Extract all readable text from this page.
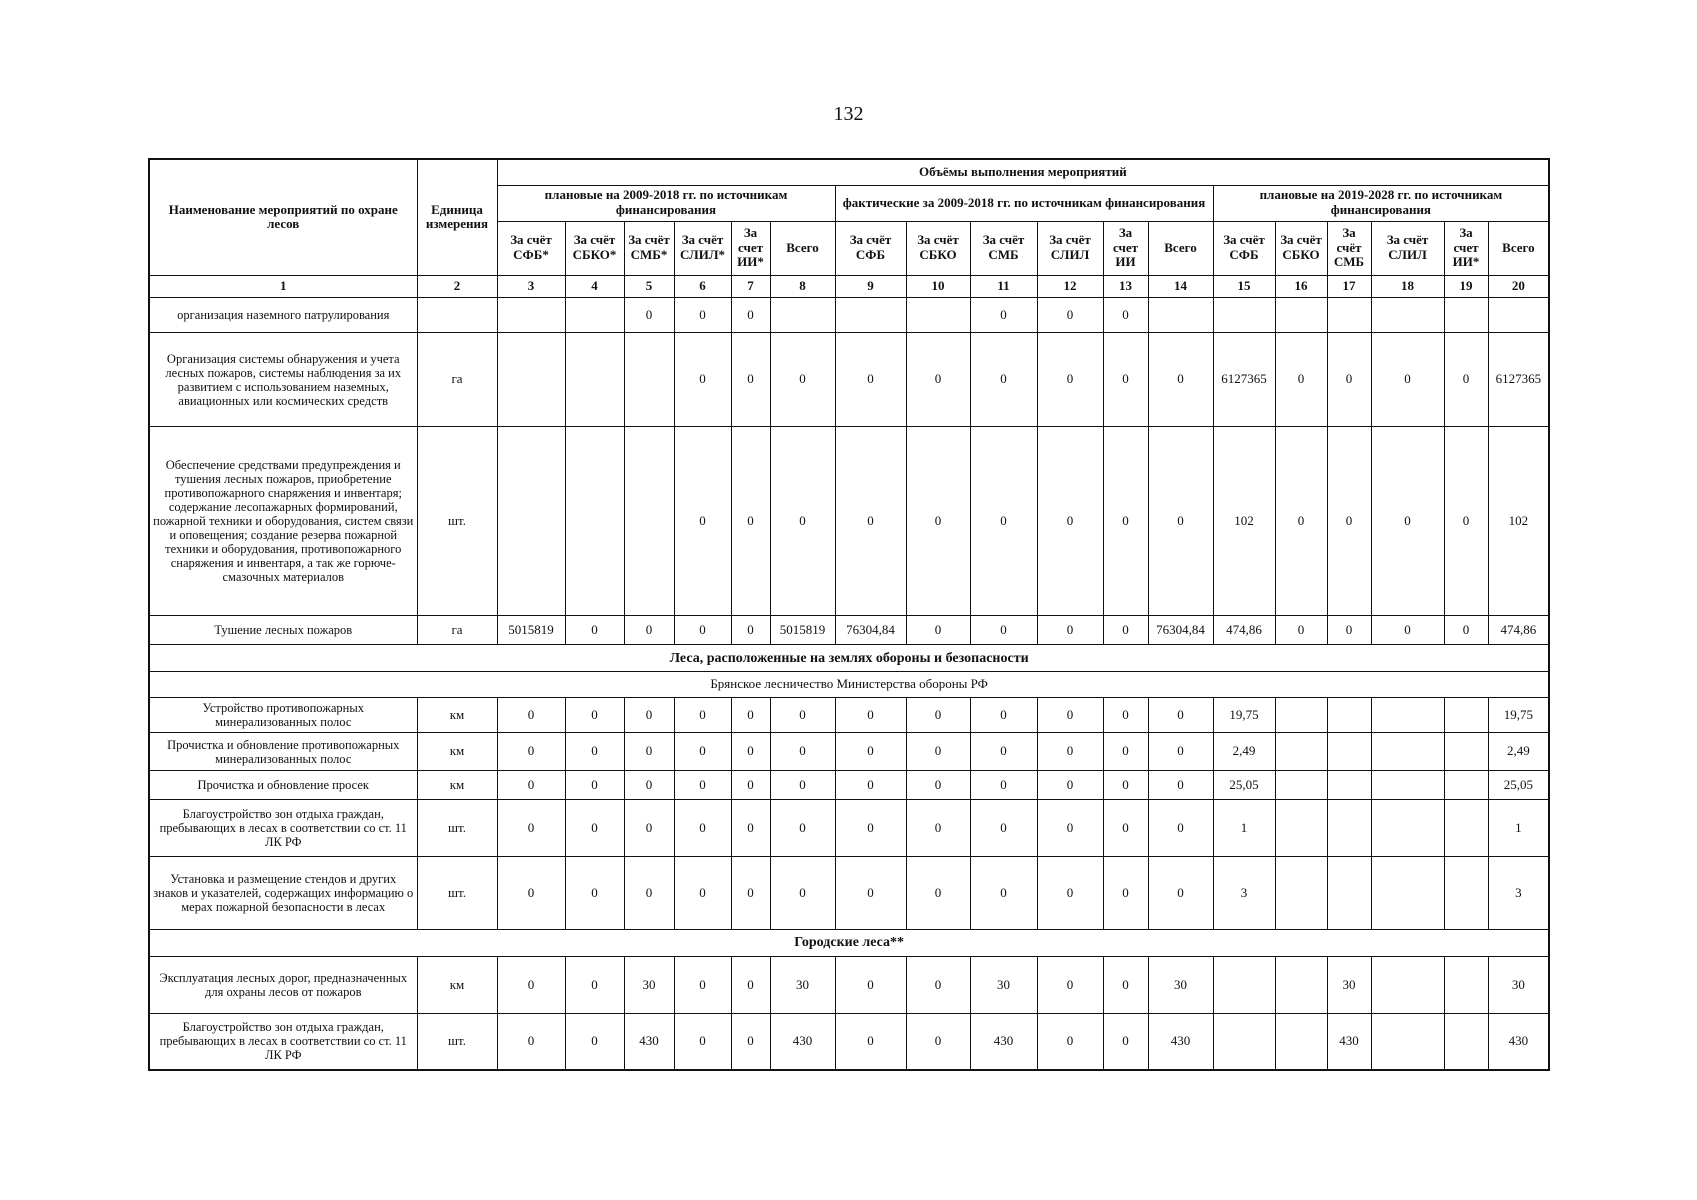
132
Наименование мероприятий по охране лесов	Единица измерения	Объёмы выполнения мероприятий																	
		плановые на 2009-2018 гг. по источникам финансирования						фактические за 2009-2018 гг. по источникам финансирования						плановые на 2019-2028 гг. по источникам финансирования					
		За счёт СФБ*	За счёт СБКО*	За счёт СМБ*	За счёт СЛИЛ*	За счет ИИ*	Всего	За счёт СФБ	За счёт СБКО	За счёт СМБ	За счёт СЛИЛ	За счет ИИ	Всего	За счёт СФБ	За счёт СБКО	За счёт СМБ	За счёт СЛИЛ	За счет ИИ*	Всего
1	2	3	4	5	6	7	8	9	10	11	12	13	14	15	16	17	18	19	20
организация наземного патрулирования				0	0	0				0	0	0							
Организация системы обнаружения и учета лесных пожаров, системы наблюдения за их развитием с использованием наземных, авиационных или космических средств	га				0	0	0	0	0	0	0	0	0	6127365	0	0	0	0	6127365
Обеспечение средствами предупреждения и тушения лесных пожаров, приобретение противопожарного снаряжения и инвентаря; содержание лесопажарных формирований, пожарной техники и оборудования, систем связи и оповещения; создание резерва пожарной техники и оборудования, противопожарного снаряжения и инвентаря, а так же горюче-смазочных материалов	шт.				0	0	0	0	0	0	0	0	0	102	0	0	0	0	102
Тушение лесных пожаров	га	5015819	0	0	0	0	5015819	76304,84	0	0	0	0	76304,84	474,86	0	0	0	0	474,86
Леса, расположенные на землях обороны и безопасности																			
Брянское лесничество Министерства обороны РФ																			
Устройство противопожарных минерализованных полос	км	0	0	0	0	0	0	0	0	0	0	0	0	19,75					19,75
Прочистка и обновление противопожарных минерализованных полос	км	0	0	0	0	0	0	0	0	0	0	0	0	2,49					2,49
Прочистка и обновление просек	км	0	0	0	0	0	0	0	0	0	0	0	0	25,05					25,05
Благоустройство зон отдыха граждан, пребывающих в лесах в соответствии со ст. 11 ЛК РФ	шт.	0	0	0	0	0	0	0	0	0	0	0	0	1					1
Установка и размещение стендов и других знаков и указателей, содержащих информацию о мерах пожарной безопасности в лесах	шт.	0	0	0	0	0	0	0	0	0	0	0	0	3					3
Городские леса**																			
Эксплуатация лесных дорог, предназначенных для охраны лесов от пожаров	км	0	0	30	0	0	30	0	0	30	0	0	30			30			30
Благоустройство зон отдыха граждан, пребывающих в лесах в соответствии со ст. 11 ЛК РФ	шт.	0	0	430	0	0	430	0	0	430	0	0	430			430			430
